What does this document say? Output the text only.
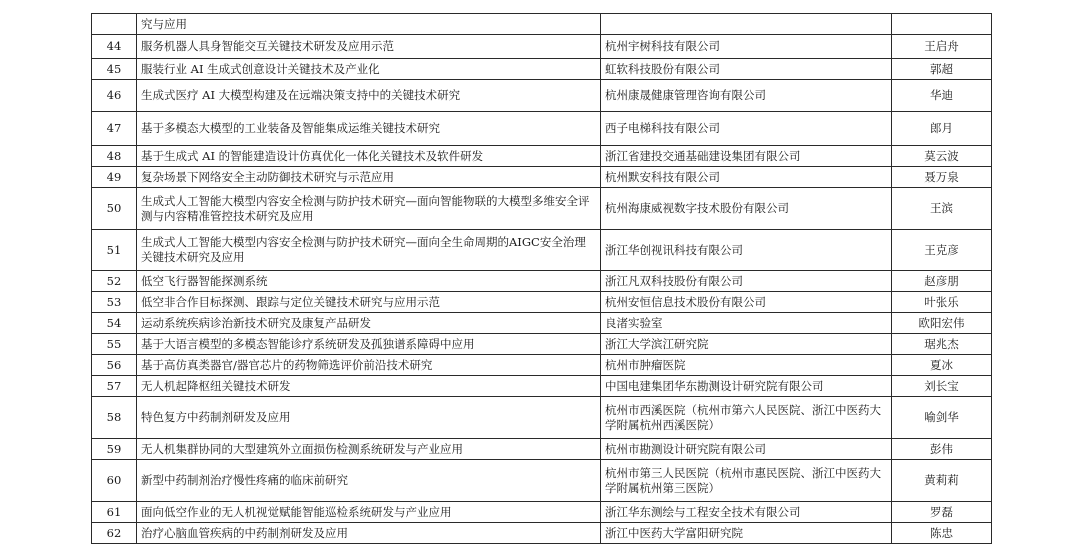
	究与应用		
44	服务机器人具身智能交互关键技术研发及应用示范	杭州宇树科技有限公司	王启舟
45	服装行业 AI 生成式创意设计关键技术及产业化	虹软科技股份有限公司	郭超
46	生成式医疗 AI 大模型构建及在远端决策支持中的关键技术研究	杭州康晟健康管理咨询有限公司	华迪
47	基于多模态大模型的工业装备及智能集成运维关键技术研究	西子电梯科技有限公司	郎月
48	基于生成式 AI 的智能建造设计仿真优化一体化关键技术及软件研发	浙江省建投交通基础建设集团有限公司	莫云波
49	复杂场景下网络安全主动防御技术研究与示范应用	杭州默安科技有限公司	聂万泉
50	生成式人工智能大模型内容安全检测与防护技术研究—面向智能物联的大模型多维安全评测与内容精准管控技术研究及应用	杭州海康威视数字技术股份有限公司	王滨
51	生成式人工智能大模型内容安全检测与防护技术研究—面向全生命周期的AIGC安全治理关键技术研究及应用	浙江华创视讯科技有限公司	王克彦
52	低空飞行器智能探测系统	浙江凡双科技股份有限公司	赵彦朋
53	低空非合作目标探测、跟踪与定位关键技术研究与应用示范	杭州安恒信息技术股份有限公司	叶张乐
54	运动系统疾病诊治新技术研究及康复产品研发	良渚实验室	欧阳宏伟
55	基于大语言模型的多模态智能诊疗系统研发及孤独谱系障碍中应用	浙江大学滨江研究院	琚兆杰
56	基于高仿真类器官/器官芯片的药物筛选评价前沿技术研究	杭州市肿瘤医院	夏冰
57	无人机起降枢纽关键技术研发	中国电建集团华东勘测设计研究院有限公司	刘长宝
58	特色复方中药制剂研发及应用	杭州市西溪医院（杭州市第六人民医院、浙江中医药大学附属杭州西溪医院）	喻剑华
59	无人机集群协同的大型建筑外立面损伤检测系统研发与产业应用	杭州市勘测设计研究院有限公司	彭伟
60	新型中药制剂治疗慢性疼痛的临床前研究	杭州市第三人民医院（杭州市惠民医院、浙江中医药大学附属杭州第三医院）	黄莉莉
61	面向低空作业的无人机视觉赋能智能巡检系统研发与产业应用	浙江华东测绘与工程安全技术有限公司	罗磊
62	治疗心脑血管疾病的中药制剂研发及应用	浙江中医药大学富阳研究院	陈忠
